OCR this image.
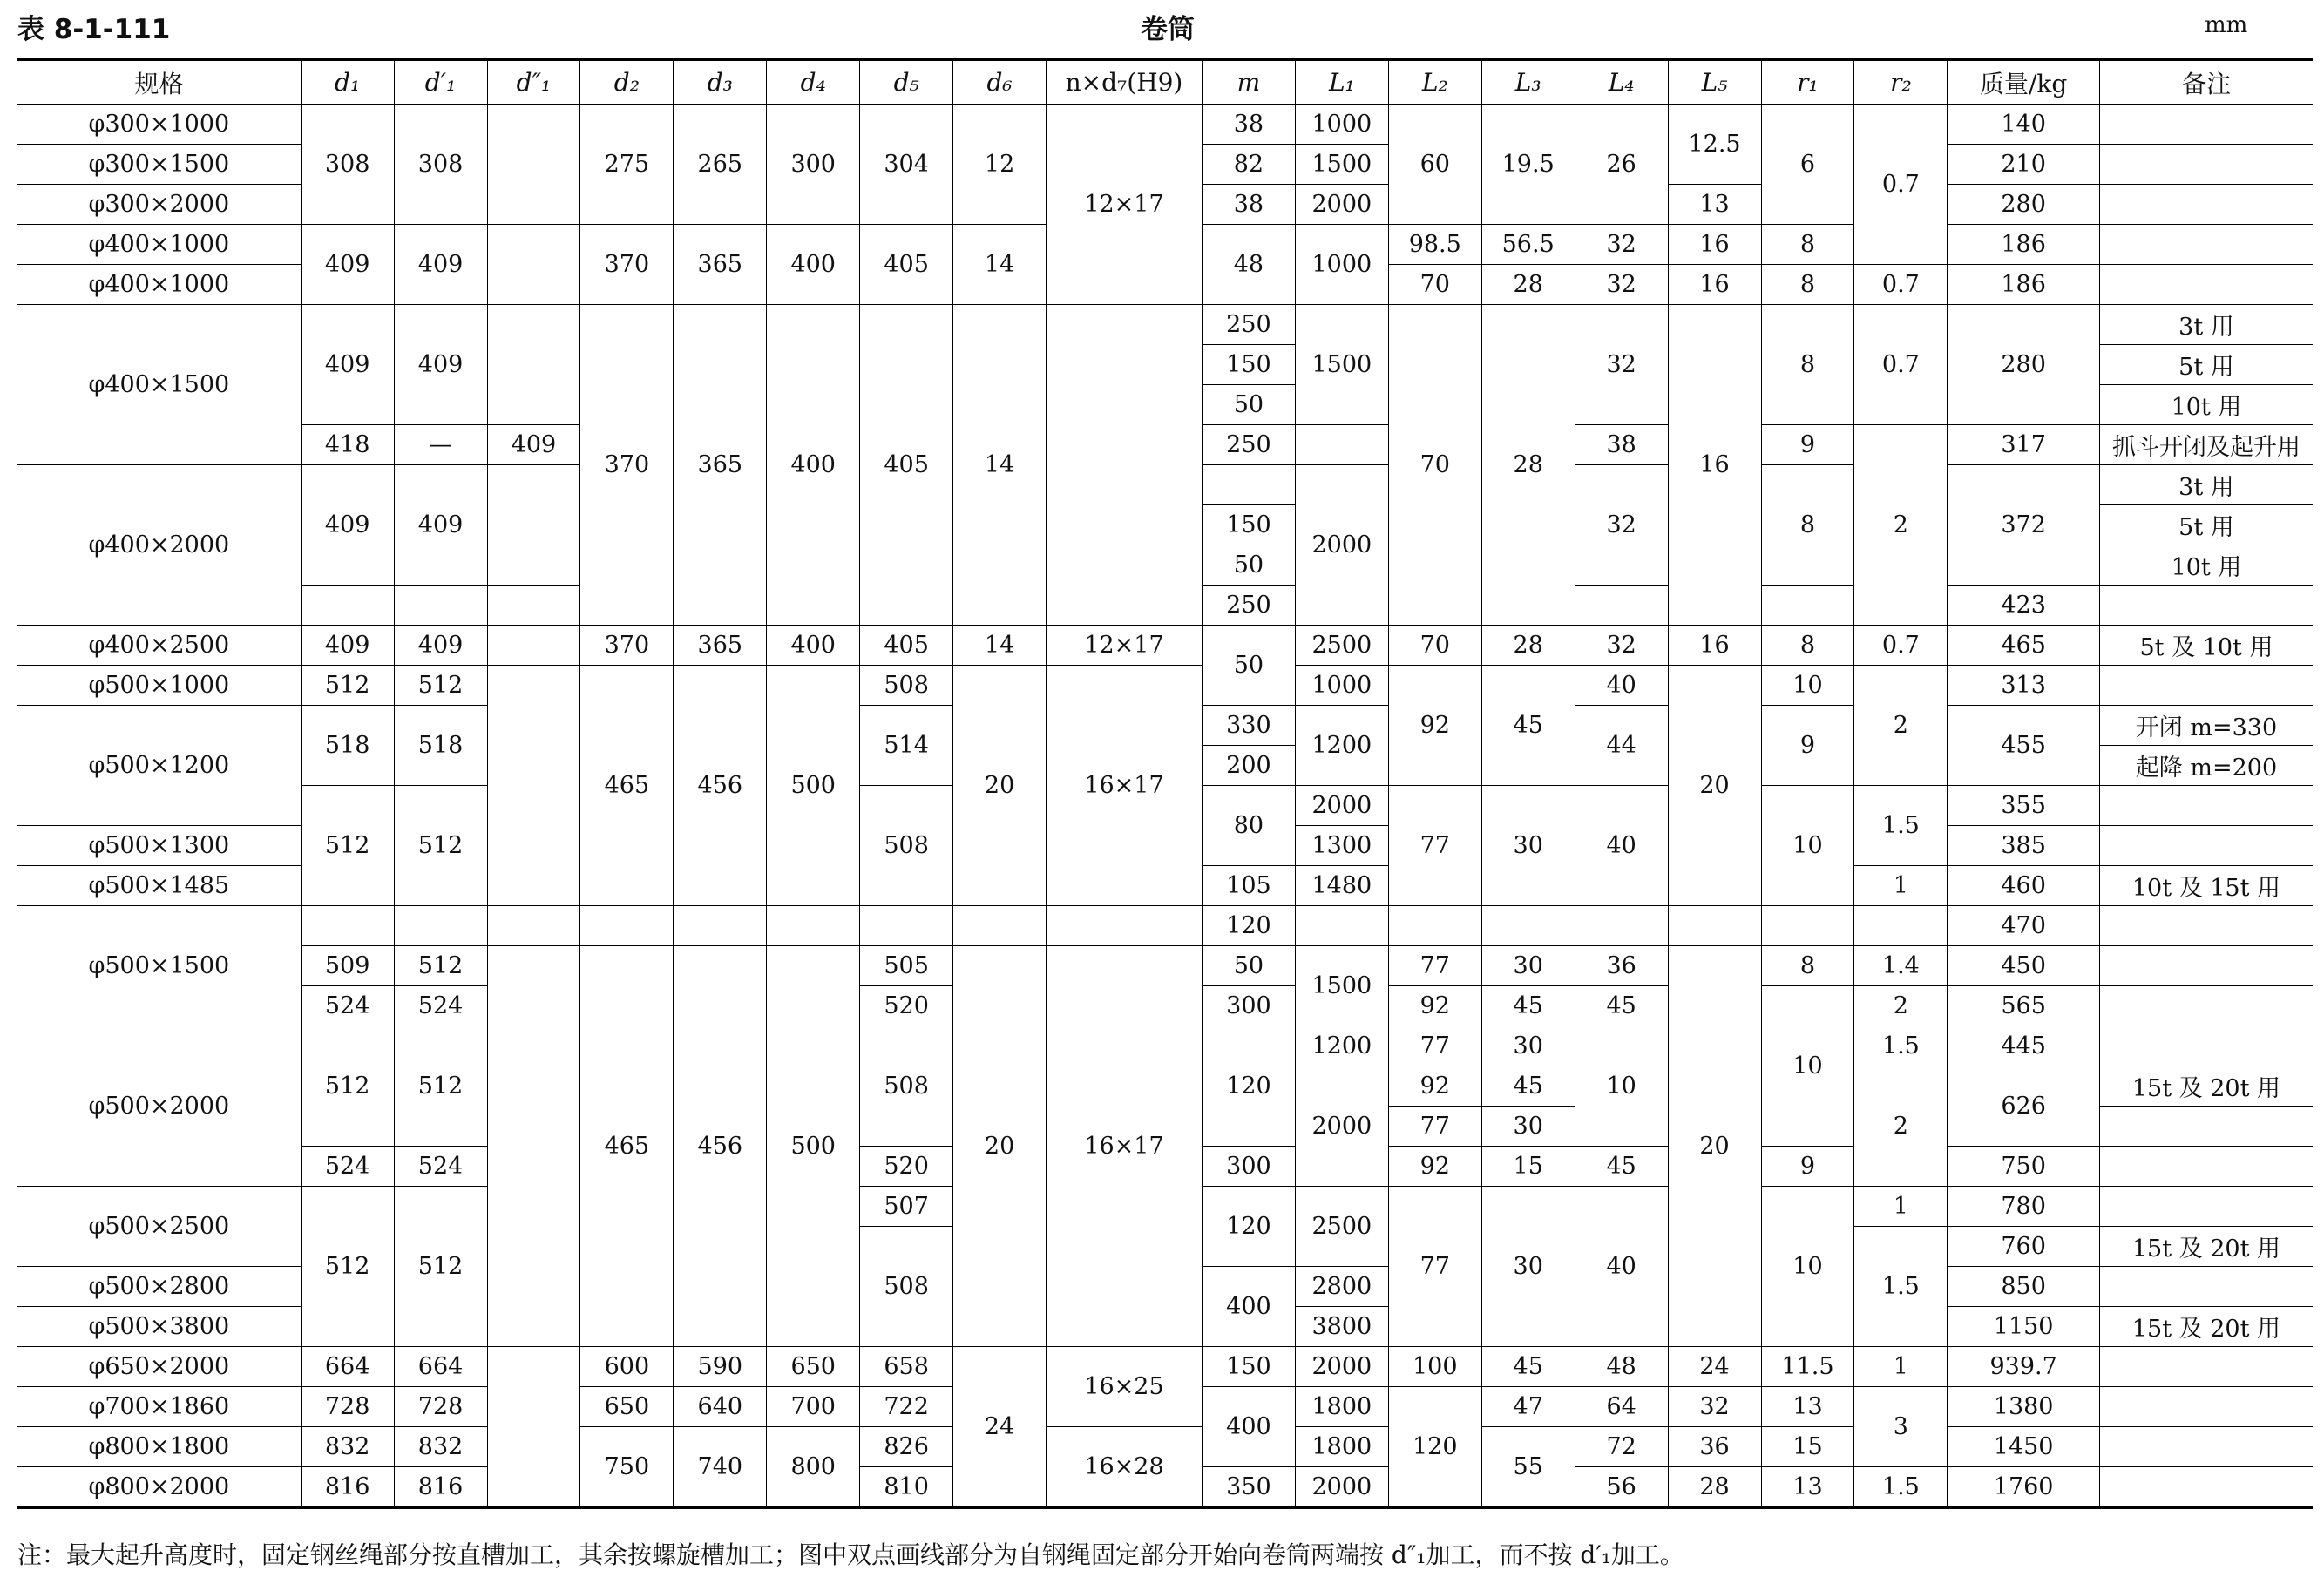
表 8-1-111	卷筒	mm
规格	d₁	d′₁	d″₁	d₂	d₃	d₄	d₅	d₆	n×d₇(H9)	m	L₁	L₂	L₃	L₄	L₅	r₁	r₂	质量/kg	备注
φ300×1000	308	308		275	265	300	304	12	12×17	38	1000	60	19.5	26	12.5	6	0.7	140	
φ300×1500										82	1500							210	
φ300×2000										38	2000				13			280	
φ400×1000	409	409		370	365	400	405	14		48	1000	98.5	56.5	32	16	8		186	
φ400×1000												70	28	32	16	8	0.7	186	
φ400×1500	409	409		370	365	400	405	14		250	1500	70	28	32	16	8	0.7	280	3t 用
										150									5t 用
										50									10t 用
	418	—	409							250				38		9	2	317	抓斗开闭及起升用
φ400×2000	409	409									2000			32		8		372	3t 用
										150									5t 用
										50									10t 用
										250								423	
φ400×2500	409	409		370	365	400	405	14	12×17	50	2500	70	28	32	16	8	0.7	465	5t 及 10t 用
φ500×1000	512	512		465	456	500	508	20	16×17		1000	92	45	40	20	10	2	313	
φ500×1200	518	518					514			330	1200			44		9		455	开闭 m=330
										200									起降 m=200
	512	512					508			80	2000	77	30	40		10	1.5	355	
φ500×1300											1300							385	
φ500×1485										105	1480						1	460	10t 及 15t 用
φ500×1500										120								470	
	509	512		465	456	500	505	20	16×17	50	1500	77	30	36	20	8	1.4	450	
	524	524					520			300		92	45	45		10	2	565	
φ500×2000	512	512					508			120	1200	77	30	10			1.5	445	
											2000	92	45				2	626	15t 及 20t 用
												77	30						
	524	524					520			300		92	15	45		9		750	
φ500×2500	512	512					507			120	2500	77	30	40		10	1	780	
							508										1.5	760	15t 及 20t 用
φ500×2800										400	2800							850	
φ500×3800											3800							1150	15t 及 20t 用
φ650×2000	664	664		600	590	650	658	24	16×25	150	2000	100	45	48	24	11.5	1	939.7	
φ700×1860	728	728		650	640	700	722			400	1800	120	47	64	32	13	3	1380	
φ800×1800	832	832		750	740	800	826		16×28		1800		55	72	36	15		1450	
φ800×2000	816	816					810			350	2000			56	28	13	1.5	1760	
注：最大起升高度时，固定钢丝绳部分按直槽加工，其余按螺旋槽加工；图中双点画线部分为自钢绳固定部分开始向卷筒两端按 d″₁加工，而不按 d′₁加工。
